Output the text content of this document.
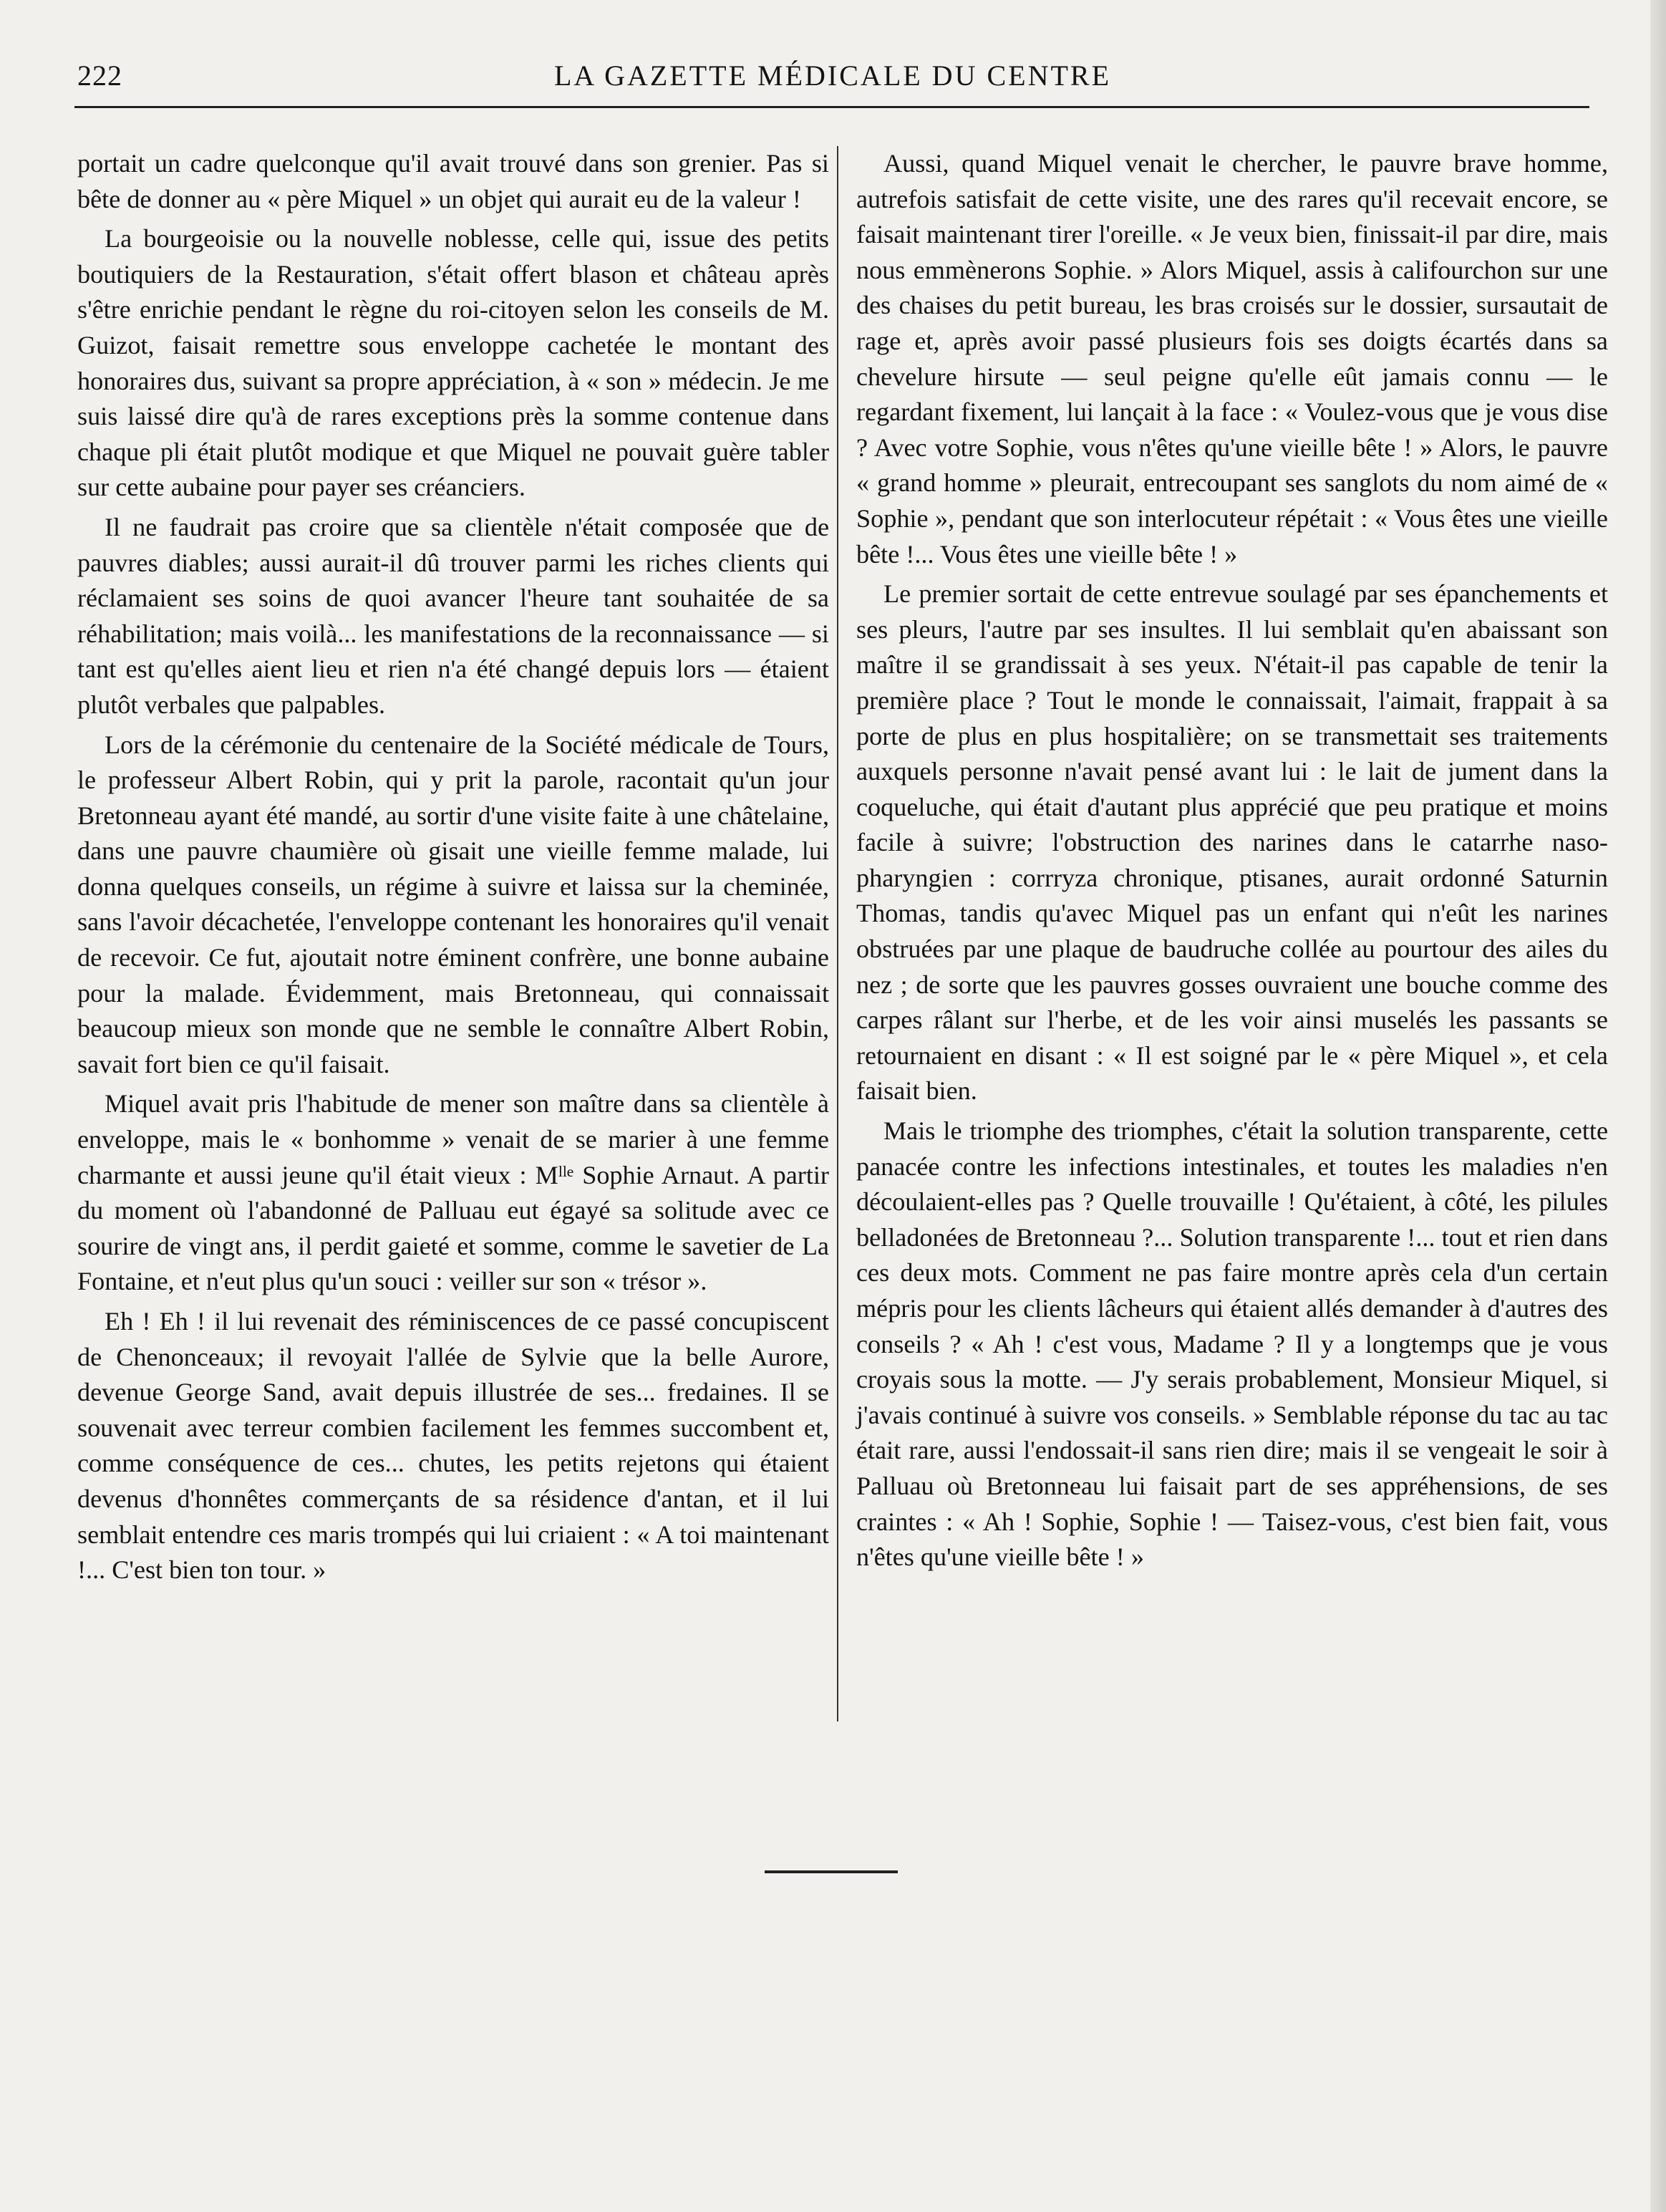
222	LA GAZETTE MÉDICALE DU CENTRE

portait un cadre quelconque qu'il avait trouvé dans son grenier. Pas si bête de donner au « père Miquel » un objet qui aurait eu de la valeur !

La bourgeoisie ou la nouvelle noblesse, celle qui, issue des petits boutiquiers de la Restauration, s'était offert blason et château après s'être enrichie pendant le règne du roi-citoyen selon les conseils de M. Guizot, faisait remettre sous enveloppe cachetée le montant des honoraires dus, suivant sa propre appréciation, à « son » médecin. Je me suis laissé dire qu'à de rares exceptions près la somme contenue dans chaque pli était plutôt modique et que Miquel ne pouvait guère tabler sur cette aubaine pour payer ses créanciers.

Il ne faudrait pas croire que sa clientèle n'était composée que de pauvres diables; aussi aurait-il dû trouver parmi les riches clients qui réclamaient ses soins de quoi avancer l'heure tant souhaitée de sa réhabilitation; mais voilà... les manifestations de la reconnaissance — si tant est qu'elles aient lieu et rien n'a été changé depuis lors — étaient plutôt verbales que palpables.

Lors de la cérémonie du centenaire de la Société médicale de Tours, le professeur Albert Robin, qui y prit la parole, racontait qu'un jour Bretonneau ayant été mandé, au sortir d'une visite faite à une châtelaine, dans une pauvre chaumière où gisait une vieille femme malade, lui donna quelques conseils, un régime à suivre et laissa sur la cheminée, sans l'avoir décachetée, l'enveloppe contenant les honoraires qu'il venait de recevoir. Ce fut, ajoutait notre éminent confrère, une bonne aubaine pour la malade. Évidemment, mais Bretonneau, qui connaissait beaucoup mieux son monde que ne semble le connaître Albert Robin, savait fort bien ce qu'il faisait.

Miquel avait pris l'habitude de mener son maître dans sa clientèle à enveloppe, mais le « bonhomme » venait de se marier à une femme charmante et aussi jeune qu'il était vieux : Mˡˡᵉ Sophie Arnaut. A partir du moment où l'abandonné de Palluau eut égayé sa solitude avec ce sourire de vingt ans, il perdit gaieté et somme, comme le savetier de La Fontaine, et n'eut plus qu'un souci : veiller sur son « trésor ».

Eh ! Eh ! il lui revenait des réminiscences de ce passé concupiscent de Chenonceaux; il revoyait l'allée de Sylvie que la belle Aurore, devenue George Sand, avait depuis illustrée de ses... fredaines. Il se souvenait avec terreur combien facilement les femmes succombent et, comme conséquence de ces... chutes, les petits rejetons qui étaient devenus d'honnêtes commerçants de sa résidence d'antan, et il lui semblait entendre ces maris trompés qui lui criaient : « A toi maintenant !... C'est bien ton tour. »

Aussi, quand Miquel venait le chercher, le pauvre brave homme, autrefois satisfait de cette visite, une des rares qu'il recevait encore, se faisait maintenant tirer l'oreille. « Je veux bien, finissait-il par dire, mais nous emmènerons Sophie. » Alors Miquel, assis à califourchon sur une des chaises du petit bureau, les bras croisés sur le dossier, sursautait de rage et, après avoir passé plusieurs fois ses doigts écartés dans sa chevelure hirsute — seul peigne qu'elle eût jamais connu — le regardant fixement, lui lançait à la face : « Voulez-vous que je vous dise ? Avec votre Sophie, vous n'êtes qu'une vieille bête ! » Alors, le pauvre « grand homme » pleurait, entrecoupant ses sanglots du nom aimé de « Sophie », pendant que son interlocuteur répétait : « Vous êtes une vieille bête !... Vous êtes une vieille bête ! »

Le premier sortait de cette entrevue soulagé par ses épanchements et ses pleurs, l'autre par ses insultes. Il lui semblait qu'en abaissant son maître il se grandissait à ses yeux. N'était-il pas capable de tenir la première place ? Tout le monde le connaissait, l'aimait, frappait à sa porte de plus en plus hospitalière; on se transmettait ses traitements auxquels personne n'avait pensé avant lui : le lait de jument dans la coqueluche, qui était d'autant plus apprécié que peu pratique et moins facile à suivre; l'obstruction des narines dans le catarrhe naso-pharyngien : corrryza chronique, ptisanes, aurait ordonné Saturnin Thomas, tandis qu'avec Miquel pas un enfant qui n'eût les narines obstruées par une plaque de baudruche collée au pourtour des ailes du nez ; de sorte que les pauvres gosses ouvraient une bouche comme des carpes râlant sur l'herbe, et de les voir ainsi muselés les passants se retournaient en disant : « Il est soigné par le « père Miquel », et cela faisait bien.

Mais le triomphe des triomphes, c'était la solution transparente, cette panacée contre les infections intestinales, et toutes les maladies n'en découlaient-elles pas ? Quelle trouvaille ! Qu'étaient, à côté, les pilules belladonées de Bretonneau ?... Solution transparente !... tout et rien dans ces deux mots. Comment ne pas faire montre après cela d'un certain mépris pour les clients lâcheurs qui étaient allés demander à d'autres des conseils ? « Ah ! c'est vous, Madame ? Il y a longtemps que je vous croyais sous la motte. — J'y serais probablement, Monsieur Miquel, si j'avais continué à suivre vos conseils. » Semblable réponse du tac au tac était rare, aussi l'endossait-il sans rien dire; mais il se vengeait le soir à Palluau où Bretonneau lui faisait part de ses appréhensions, de ses craintes : « Ah ! Sophie, Sophie ! — Taisez-vous, c'est bien fait, vous n'êtes qu'une vieille bête ! »
